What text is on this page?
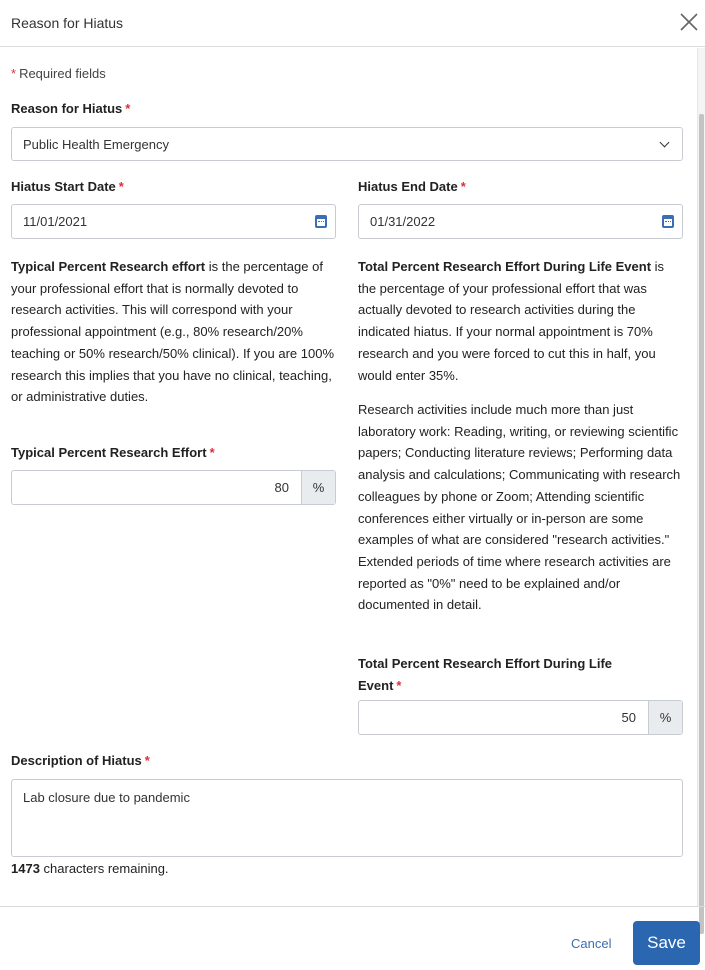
Reason for Hiatus
* Required fields
Reason for Hiatus *
Public Health Emergency
Hiatus Start Date *
11/01/2021
Hiatus End Date *
01/31/2022
Typical Percent Research effort is the percentage of your professional effort that is normally devoted to research activities. This will correspond with your professional appointment (e.g., 80% research/20% teaching or 50% research/50% clinical). If you are 100% research this implies that you have no clinical, teaching, or administrative duties.
Typical Percent Research Effort *
80	%
Total Percent Research Effort During Life Event is the percentage of your professional effort that was actually devoted to research activities during the indicated hiatus. If your normal appointment is 70% research and you were forced to cut this in half, you would enter 35%.
Research activities include much more than just laboratory work: Reading, writing, or reviewing scientific papers; Conducting literature reviews; Performing data analysis and calculations; Communicating with research colleagues by phone or Zoom; Attending scientific conferences either virtually or in-person are some examples of what are considered "research activities." Extended periods of time where research activities are reported as "0%" need to be explained and/or documented in detail.
Total Percent Research Effort During Life Event *
50	%
Description of Hiatus *
Lab closure due to pandemic
1473 characters remaining.
Cancel	Save
